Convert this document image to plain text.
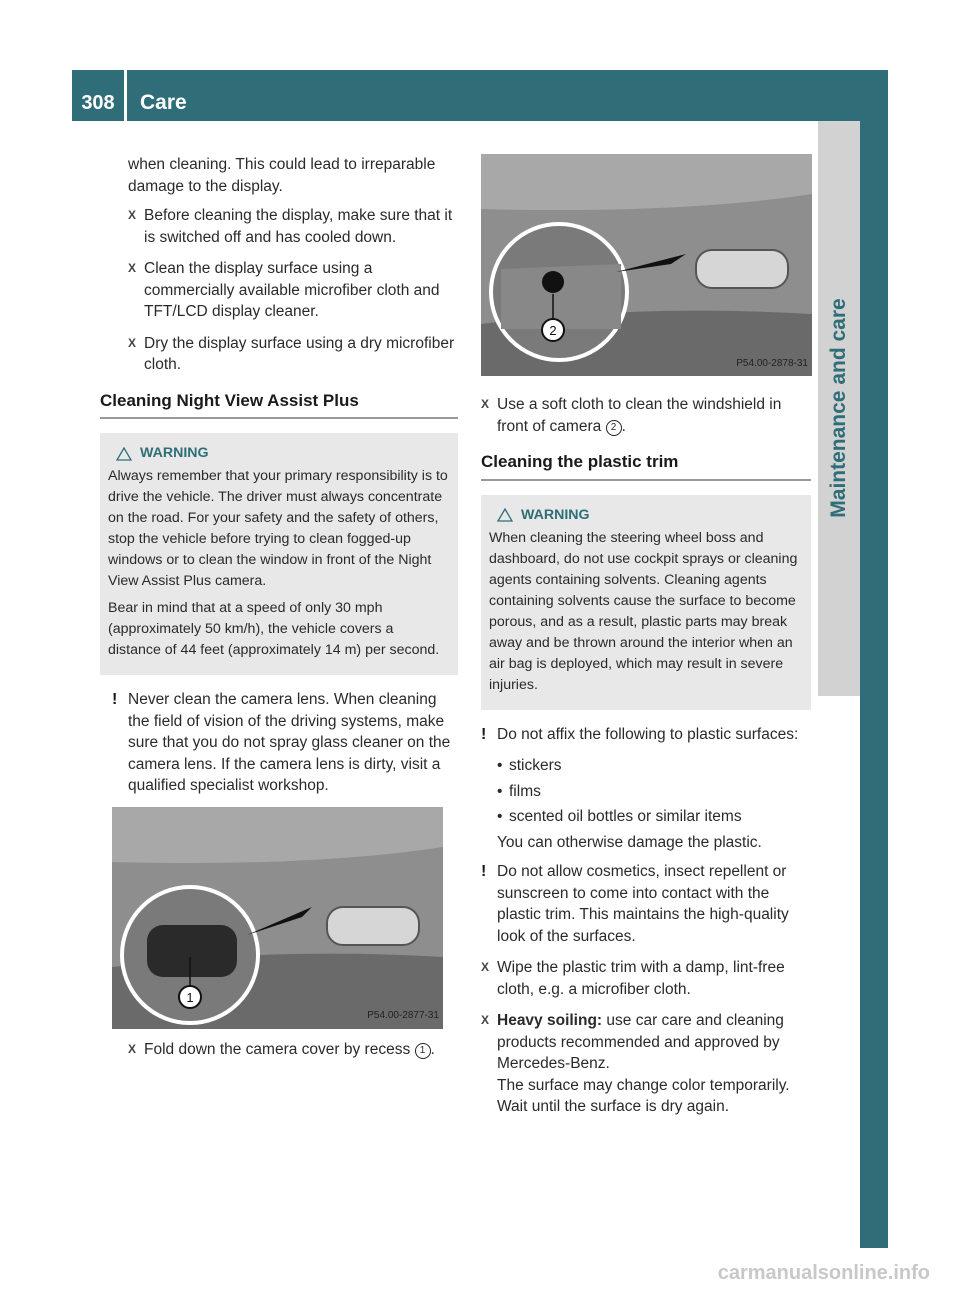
308	Care
Maintenance and care

when cleaning. This could lead to irreparable damage to the display.

X Before cleaning the display, make sure that it is switched off and has cooled down.
X Clean the display surface using a commercially available microfiber cloth and TFT/LCD display cleaner.
X Dry the display surface using a dry microfiber cloth.
Cleaning Night View Assist Plus
WARNING

Always remember that your primary responsibility is to drive the vehicle. The driver must always concentrate on the road. For your safety and the safety of others, stop the vehicle before trying to clean fogged-up windows or to clean the window in front of the Night View Assist Plus camera.

Bear in mind that at a speed of only 30 mph (approximately 50 km/h), the vehicle covers a distance of 44 feet (approximately 14 m) per second.

! Never clean the camera lens. When cleaning the field of vision of the driving systems, make sure that you do not spray glass cleaner on the camera lens. If the camera lens is dirty, visit a qualified specialist workshop.
1
P54.00-2877-31
X Fold down the camera cover by recess 1 .
2
P54.00-2878-31
X Use a soft cloth to clean the windshield in front of camera 2 .
Cleaning the plastic trim
WARNING

When cleaning the steering wheel boss and dashboard, do not use cockpit sprays or cleaning agents containing solvents. Cleaning agents containing solvents cause the surface to become porous, and as a result, plastic parts may break away and be thrown around the interior when an air bag is deployed, which may result in severe injuries.

! Do not affix the following to plastic surfaces:
• stickers
• films
• scented oil bottles or similar items

You can otherwise damage the plastic.

! Do not allow cosmetics, insect repellent or sunscreen to come into contact with the plastic trim. This maintains the high-quality look of the surfaces.
X Wipe the plastic trim with a damp, lint-free cloth, e.g. a microfiber cloth.
X Heavy soiling: use car care and cleaning products recommended and approved by Mercedes-Benz.
The surface may change color temporarily. Wait until the surface is dry again.
carmanualsonline.info
